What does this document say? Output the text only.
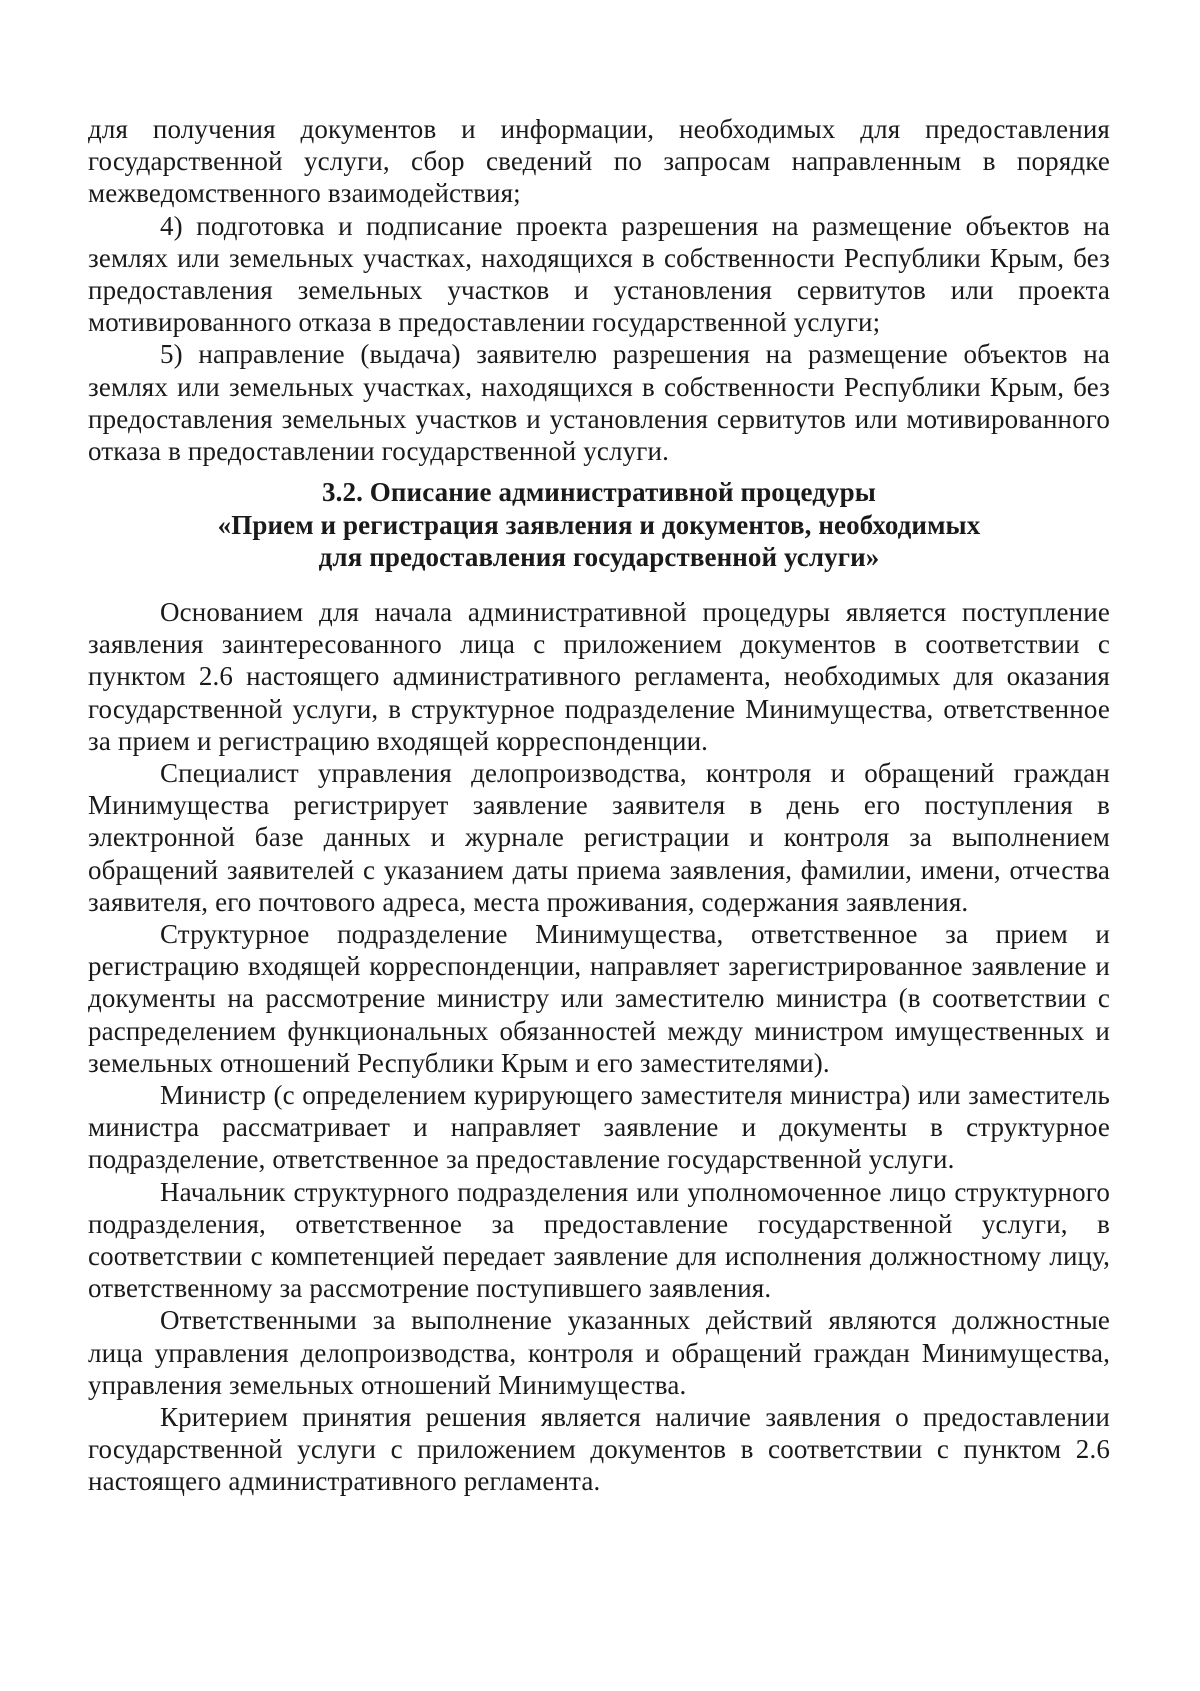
для получения документов и информации, необходимых для предоставления государственной услуги, сбор сведений по запросам направленным в порядке межведомственного взаимодействия;

4) подготовка и подписание проекта разрешения на размещение объектов на землях или земельных участках, находящихся в собственности Республики Крым, без предоставления земельных участков и установления сервитутов или проекта мотивированного отказа в предоставлении государственной услуги;

5) направление (выдача) заявителю разрешения на размещение объектов на землях или земельных участках, находящихся в собственности Республики Крым, без предоставления земельных участков и установления сервитутов или мотивированного отказа в предоставлении государственной услуги.

3.2. Описание административной процедуры
«Прием и регистрация заявления и документов, необходимых
для предоставления государственной услуги»

Основанием для начала административной процедуры является поступление заявления заинтересованного лица с приложением документов в соответствии с пунктом 2.6 настоящего административного регламента, необходимых для оказания государственной услуги, в структурное подразделение Минимущества, ответственное за прием и регистрацию входящей корреспонденции.

Специалист управления делопроизводства, контроля и обращений граждан Минимущества регистрирует заявление заявителя в день его поступления в электронной базе данных и журнале регистрации и контроля за выполнением обращений заявителей с указанием даты приема заявления, фамилии, имени, отчества заявителя, его почтового адреса, места проживания, содержания заявления.

Структурное подразделение Минимущества, ответственное за прием и регистрацию входящей корреспонденции, направляет зарегистрированное заявление и документы на рассмотрение министру или заместителю министра (в соответствии с распределением функциональных обязанностей между министром имущественных и земельных отношений Республики Крым и его заместителями).

Министр (с определением курирующего заместителя министра) или заместитель министра рассматривает и направляет заявление и документы в структурное подразделение, ответственное за предоставление государственной услуги.

Начальник структурного подразделения или уполномоченное лицо структурного подразделения, ответственное за предоставление государственной услуги, в соответствии с компетенцией передает заявление для исполнения должностному лицу, ответственному за рассмотрение поступившего заявления.

Ответственными за выполнение указанных действий являются должностные лица управления делопроизводства, контроля и обращений граждан Минимущества, управления земельных отношений Минимущества.

Критерием принятия решения является наличие заявления о предоставлении государственной услуги с приложением документов в соответствии с пунктом 2.6 настоящего административного регламента.
